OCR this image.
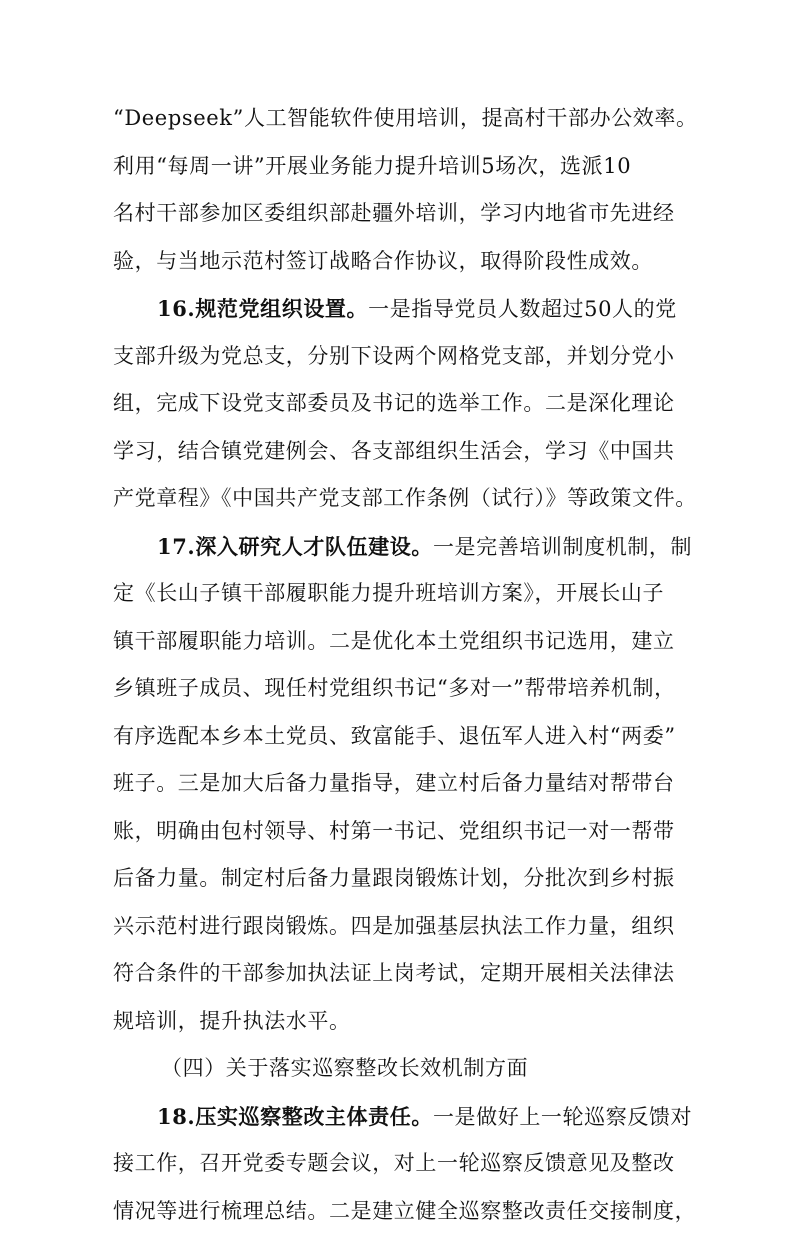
“Deepseek”人工智能软件使用培训，提高村干部办公效率。
利用“每周一讲”开展业务能力提升培训5场次，选派10
名村干部参加区委组织部赴疆外培训，学习内地省市先进经
验，与当地示范村签订战略合作协议，取得阶段性成效。
16.规范党组织设置。一是指导党员人数超过50人的党
支部升级为党总支，分别下设两个网格党支部，并划分党小
组，完成下设党支部委员及书记的选举工作。二是深化理论
学习，结合镇党建例会、各支部组织生活会，学习《中国共
产党章程》《中国共产党支部工作条例（试行）》等政策文件。
17.深入研究人才队伍建设。一是完善培训制度机制，制
定《长山子镇干部履职能力提升班培训方案》，开展长山子
镇干部履职能力培训。二是优化本土党组织书记选用，建立
乡镇班子成员、现任村党组织书记“多对一”帮带培养机制，
有序选配本乡本土党员、致富能手、退伍军人进入村“两委”
班子。三是加大后备力量指导，建立村后备力量结对帮带台
账，明确由包村领导、村第一书记、党组织书记一对一帮带
后备力量。制定村后备力量跟岗锻炼计划，分批次到乡村振
兴示范村进行跟岗锻炼。四是加强基层执法工作力量，组织
符合条件的干部参加执法证上岗考试，定期开展相关法律法
规培训，提升执法水平。
（四）关于落实巡察整改长效机制方面
18.压实巡察整改主体责任。一是做好上一轮巡察反馈对
接工作，召开党委专题会议，对上一轮巡察反馈意见及整改
情况等进行梳理总结。二是建立健全巡察整改责任交接制度，
